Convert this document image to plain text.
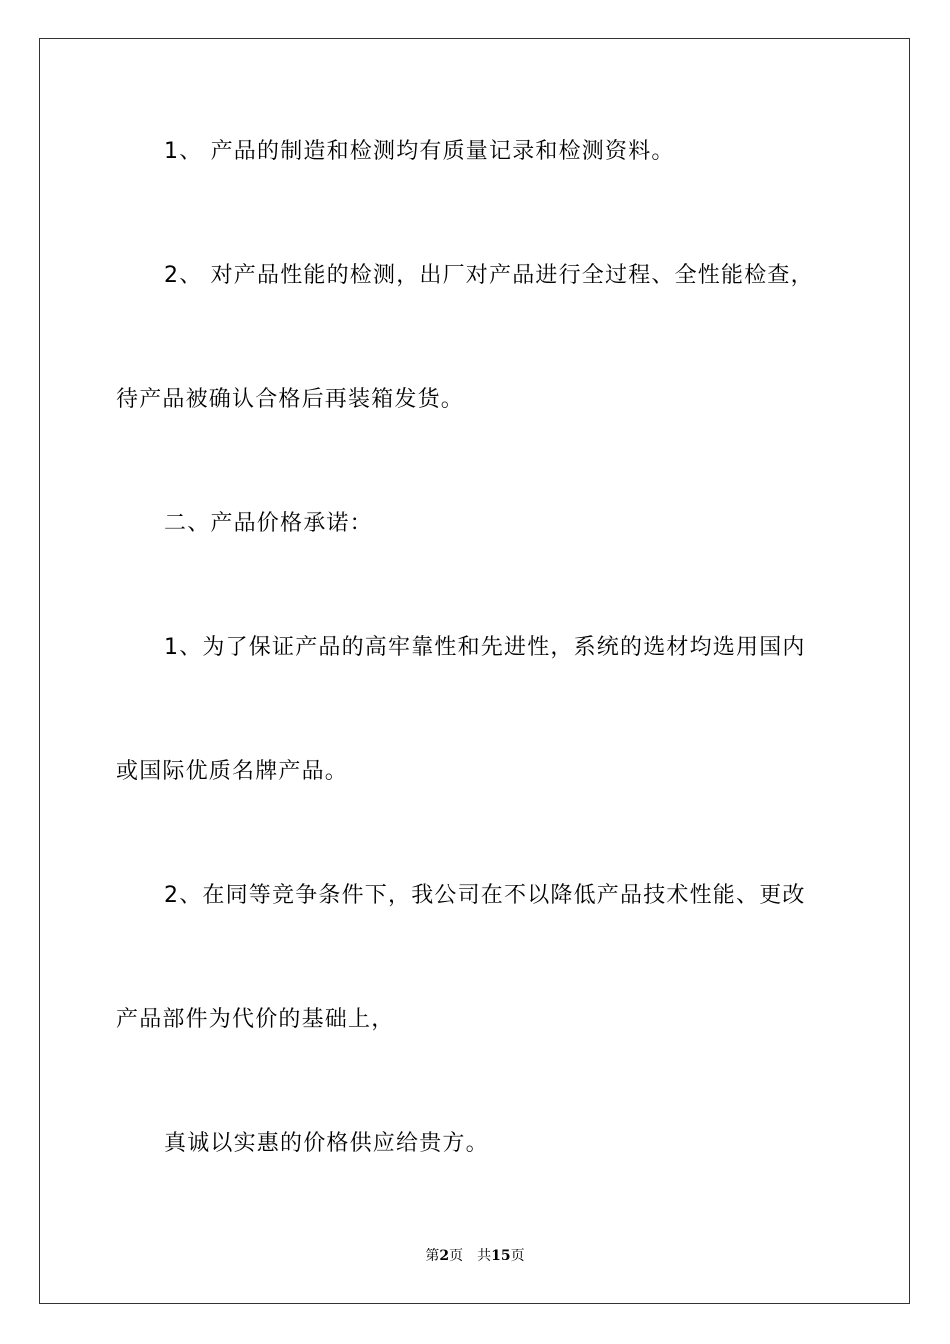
1、 产品的制造和检测均有质量记录和检测资料。
2、 对产品性能的检测，出厂对产品进行全过程、全性能检查，
待产品被确认合格后再装箱发货。
二、产品价格承诺：
1、为了保证产品的高牢靠性和先进性，系统的选材均选用国内
或国际优质名牌产品。
2、在同等竞争条件下，我公司在不以降低产品技术性能、更改
产品部件为代价的基础上，
真诚以实惠的价格供应给贵方。
第2页 共15页
